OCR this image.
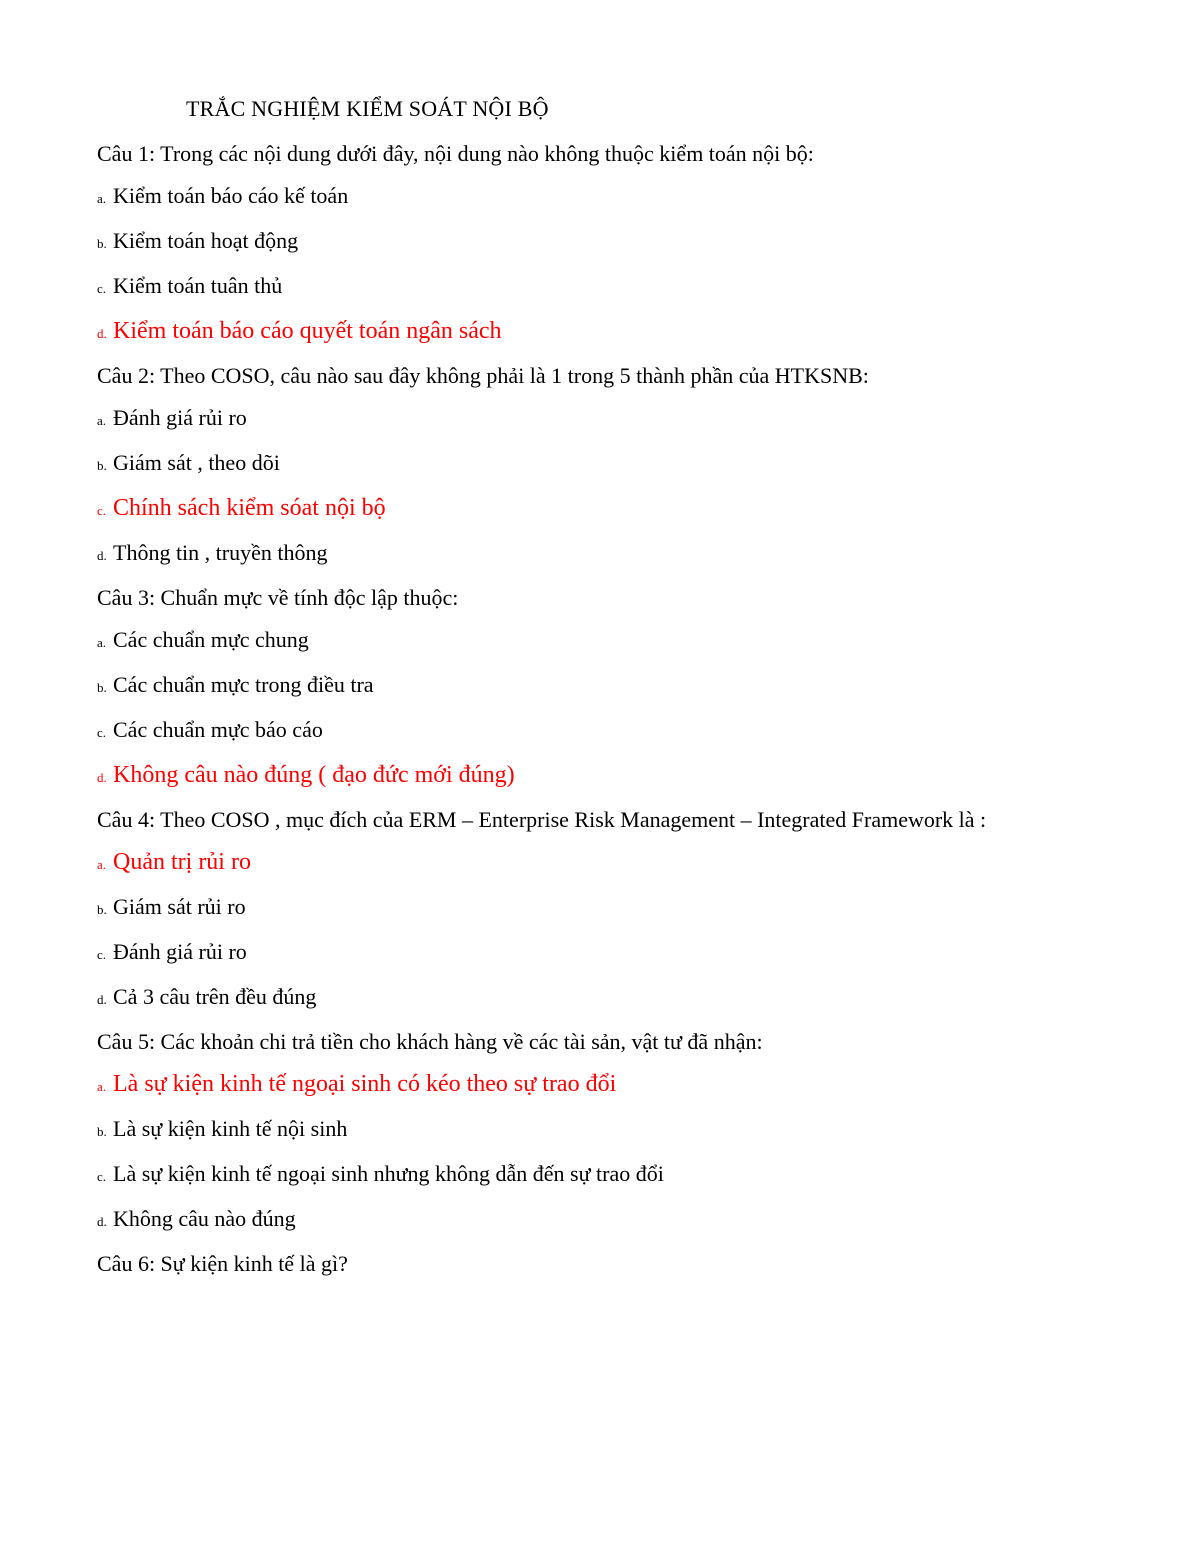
TRẮC NGHIỆM KIỂM SOÁT NỘI BỘ

Câu 1: Trong các nội dung dưới đây, nội dung nào không thuộc kiểm toán nội bộ:

a. Kiểm toán báo cáo kế toán
b. Kiểm toán hoạt động
c. Kiểm toán tuân thủ
d. Kiểm toán báo cáo quyết toán ngân sách

Câu 2: Theo COSO, câu nào sau đây không phải là 1 trong 5 thành phần của HTKSNB:

a. Đánh giá rủi ro
b. Giám sát , theo dõi
c. Chính sách kiểm sóat nội bộ
d. Thông tin , truyền thông

Câu 3: Chuẩn mực về tính độc lập thuộc:

a. Các chuẩn mực chung
b. Các chuẩn mực trong điều tra
c. Các chuẩn mực báo cáo
d. Không câu nào đúng ( đạo đức mới đúng)

Câu 4: Theo COSO , mục đích của ERM – Enterprise Risk Management – Integrated Framework là :

a. Quản trị rủi ro
b. Giám sát rủi ro
c. Đánh giá rủi ro
d. Cả 3 câu trên đều đúng

Câu 5: Các khoản chi trả tiền cho khách hàng về các tài sản, vật tư đã nhận:

a. Là sự kiện kinh tế ngoại sinh có kéo theo sự trao đổi
b. Là sự kiện kinh tế nội sinh
c. Là sự kiện kinh tế ngoại sinh nhưng không dẫn đến sự trao đổi
d. Không câu nào đúng

Câu 6: Sự kiện kinh tế là gì?
